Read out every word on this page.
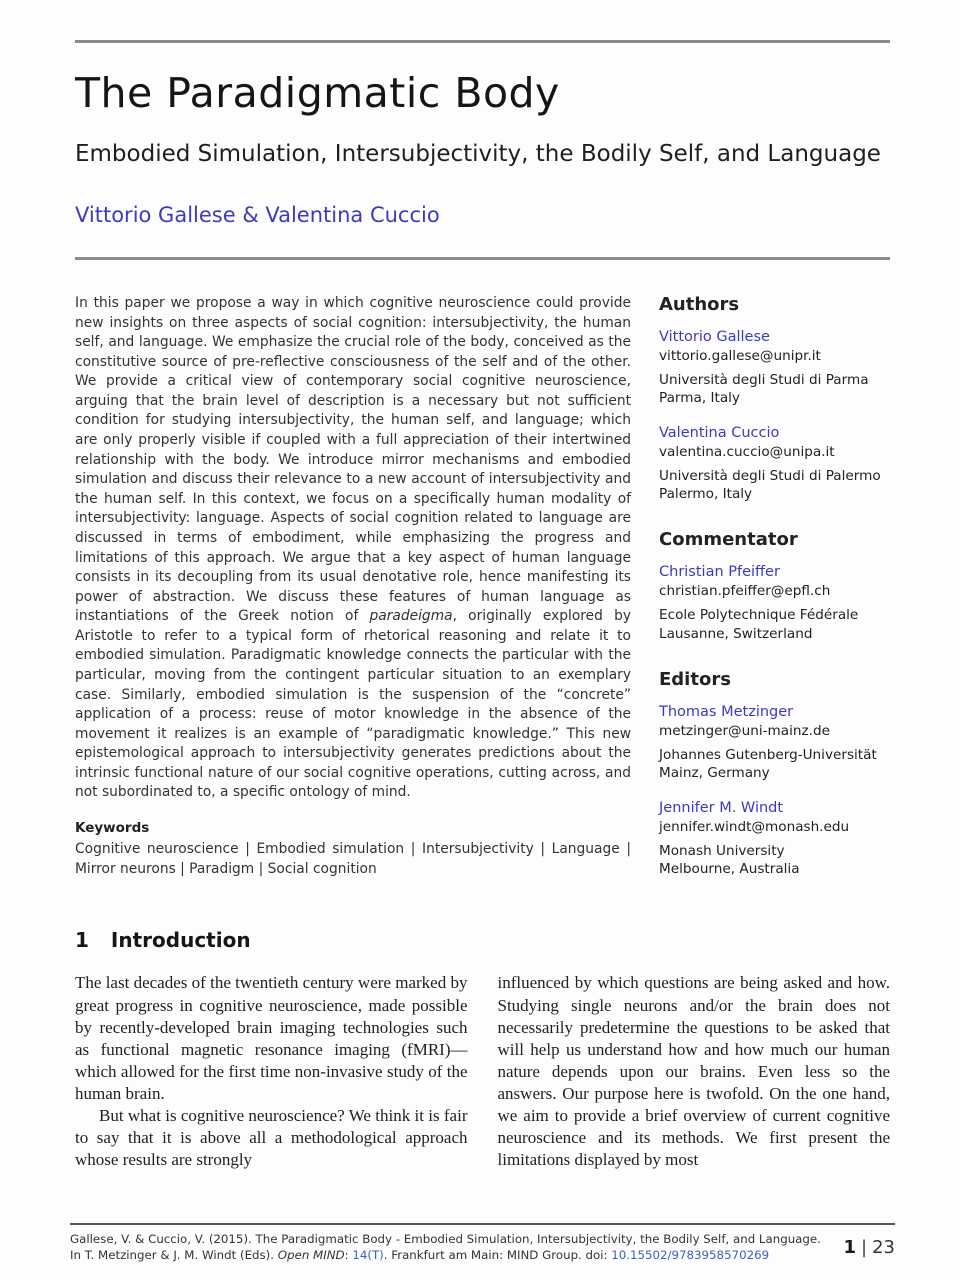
The Paradigmatic Body
Embodied Simulation, Intersubjectivity, the Bodily Self, and Language
Vittorio Gallese & Valentina Cuccio

In this paper we propose a way in which cognitive neuroscience could provide new insights on three aspects of social cognition: intersubjectivity, the human self, and language. We emphasize the crucial role of the body, conceived as the constitutive source of pre-reflective consciousness of the self and of the other. We provide a critical view of contemporary social cognitive neuroscience, arguing that the brain level of description is a necessary but not sufficient condition for studying intersubjectivity, the human self, and language; which are only properly visible if coupled with a full appreciation of their intertwined relationship with the body. We introduce mirror mechanisms and embodied simulation and discuss their relevance to a new account of intersubjectivity and the human self. In this context, we focus on a specifically human modality of intersubjectivity: language. Aspects of social cognition related to language are discussed in terms of embodiment, while emphasizing the progress and limitations of this approach. We argue that a key aspect of human language consists in its decoupling from its usual denotative role, hence manifesting its power of abstraction. We discuss these features of human language as instantiations of the Greek notion of paradeigma, originally explored by Aristotle to refer to a typical form of rhetorical reasoning and relate it to embodied simulation. Paradigmatic knowledge connects the particular with the particular, moving from the contingent particular situation to an exemplary case. Similarly, embodied simulation is the suspension of the “concrete” application of a process: reuse of motor knowledge in the absence of the movement it realizes is an example of “paradigmatic knowledge.” This new epistemological approach to intersubjectivity generates predictions about the intrinsic functional nature of our social cognitive operations, cutting across, and not subordinated to, a specific ontology of mind.

Keywords
Cognitive neuroscience | Embodied simulation | Intersubjectivity | Language | Mirror neurons | Paradigm | Social cognition
Authors
Vittorio Gallese
vittorio.gallese@unipr.it
Università degli Studi di Parma
Parma, Italy
Valentina Cuccio
valentina.cuccio@unipa.it
Università degli Studi di Palermo
Palermo, Italy
Commentator
Christian Pfeiffer
christian.pfeiffer@epfl.ch
Ecole Polytechnique Fédérale
Lausanne, Switzerland
Editors
Thomas Metzinger
metzinger@uni-mainz.de
Johannes Gutenberg-Universität
Mainz, Germany
Jennifer M. Windt
jennifer.windt@monash.edu
Monash University
Melbourne, Australia
1 Introduction

The last decades of the twentieth century were marked by great progress in cognitive neuroscience, made possible by recently-developed brain imaging technologies such as functional magnetic resonance imaging (fMRI)—which allowed for the first time non-invasive study of the human brain.

But what is cognitive neuroscience? We think it is fair to say that it is above all a methodological approach whose results are strongly

influenced by which questions are being asked and how. Studying single neurons and/or the brain does not necessarily predetermine the questions to be asked that will help us understand how and how much our human nature depends upon our brains. Even less so the answers. Our purpose here is twofold. On the one hand, we aim to provide a brief overview of current cognitive neuroscience and its methods. We first present the limitations displayed by most

Gallese, V. & Cuccio, V. (2015). The Paradigmatic Body - Embodied Simulation, Intersubjectivity, the Bodily Self, and Language.
In T. Metzinger & J. M. Windt (Eds). Open MIND: 14(T). Frankfurt am Main: MIND Group. doi: 10.15502/9783958570269	1 | 23
